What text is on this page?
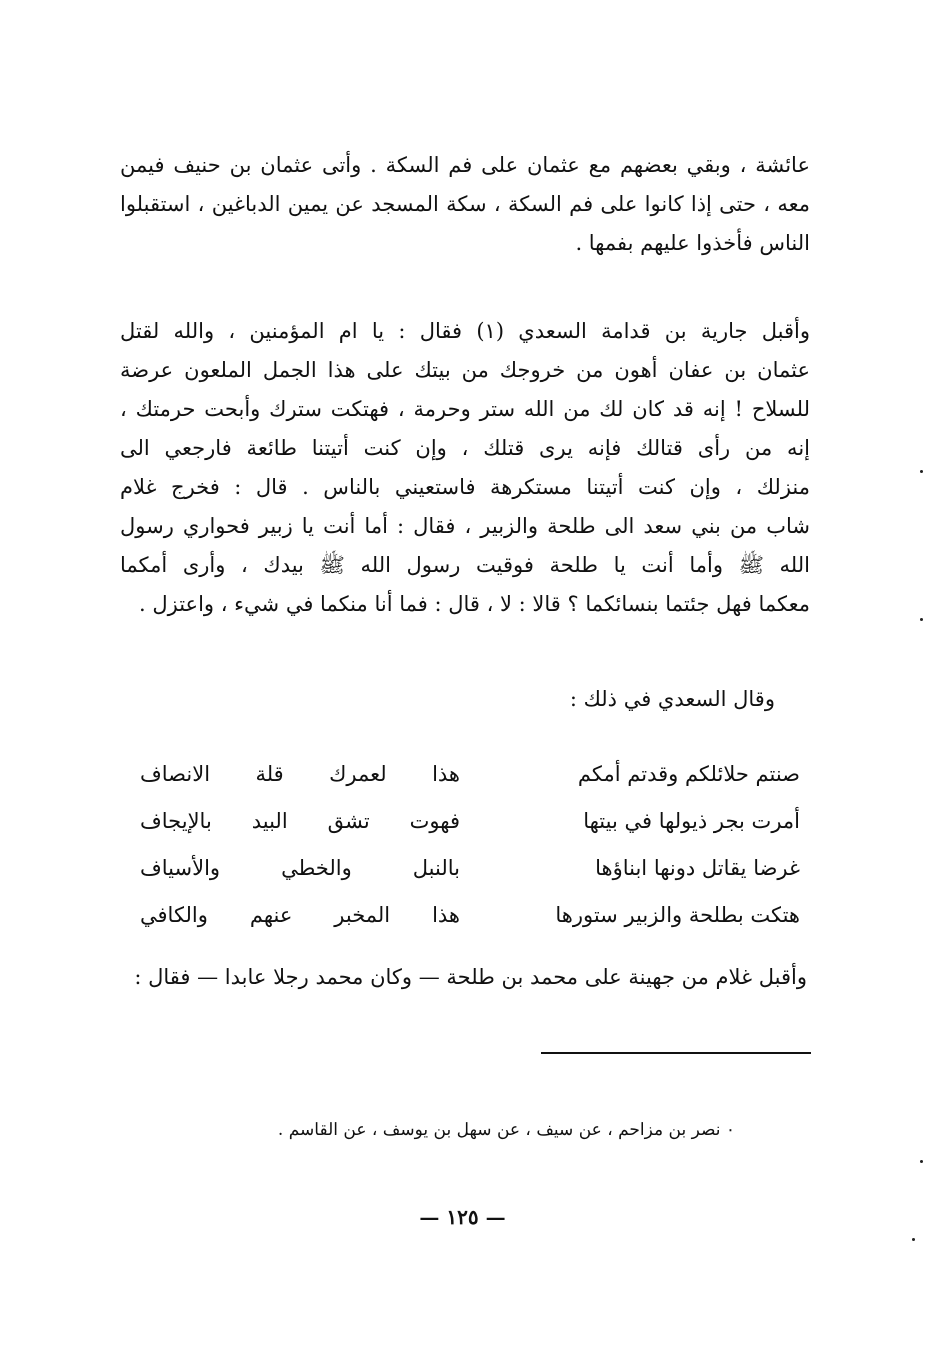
عائشة ، وبقي بعضهم مع عثمان على فم السكة . وأتى عثمان بن حنيف فيمن
معه ، حتى إذا كانوا على فم السكة ، سكة المسجد عن يمين الدباغين ، استقبلوا
الناس فأخذوا عليهم بفمها .
وأقبل جارية بن قدامة السعدي (١) فقال : يا ام المؤمنين ، والله لقتل
عثمان بن عفان أهون من خروجك من بيتك على هذا الجمل الملعون عرضة
للسلاح ! إنه قد كان لك من الله ستر وحرمة ، فهتكت سترك وأبحت حرمتك ،
إنه من رأى قتالك فإنه يرى قتلك ، وإن كنت أتيتنا طائعة فارجعي الى
منزلك ، وإن كنت أتيتنا مستكرهة فاستعيني بالناس . قال : فخرج غلام
شاب من بني سعد الى طلحة والزبير ، فقال : أما أنت يا زبير فحواري رسول
الله ﷺ وأما أنت يا طلحة فوقيت رسول الله ﷺ بيدك ، وأرى أمكما
معكما فهل جئتما بنسائكما ؟ قالا : لا ، قال : فما أنا منكما في شيء ، واعتزل .
وقال السعدي في ذلك :
صنتم حلائلكم وقدتم أمكم
هذا لعمرك قلة الانصاف
أمرت بجر ذيولها في بيتها
فهوت تشق البيد بالإيجاف
غرضا يقاتل دونها ابناؤها
بالنبل والخطي والأسياف
هتكت بطلحة والزبير ستورها
هذا المخبر عنهم والكافي
وأقبل غلام من جهينة على محمد بن طلحة — وكان محمد رجلا عابدا — فقال :
٠ نصر بن مزاحم ، عن سيف ، عن سهل بن يوسف ، عن القاسم .
— ١٢٥ —
